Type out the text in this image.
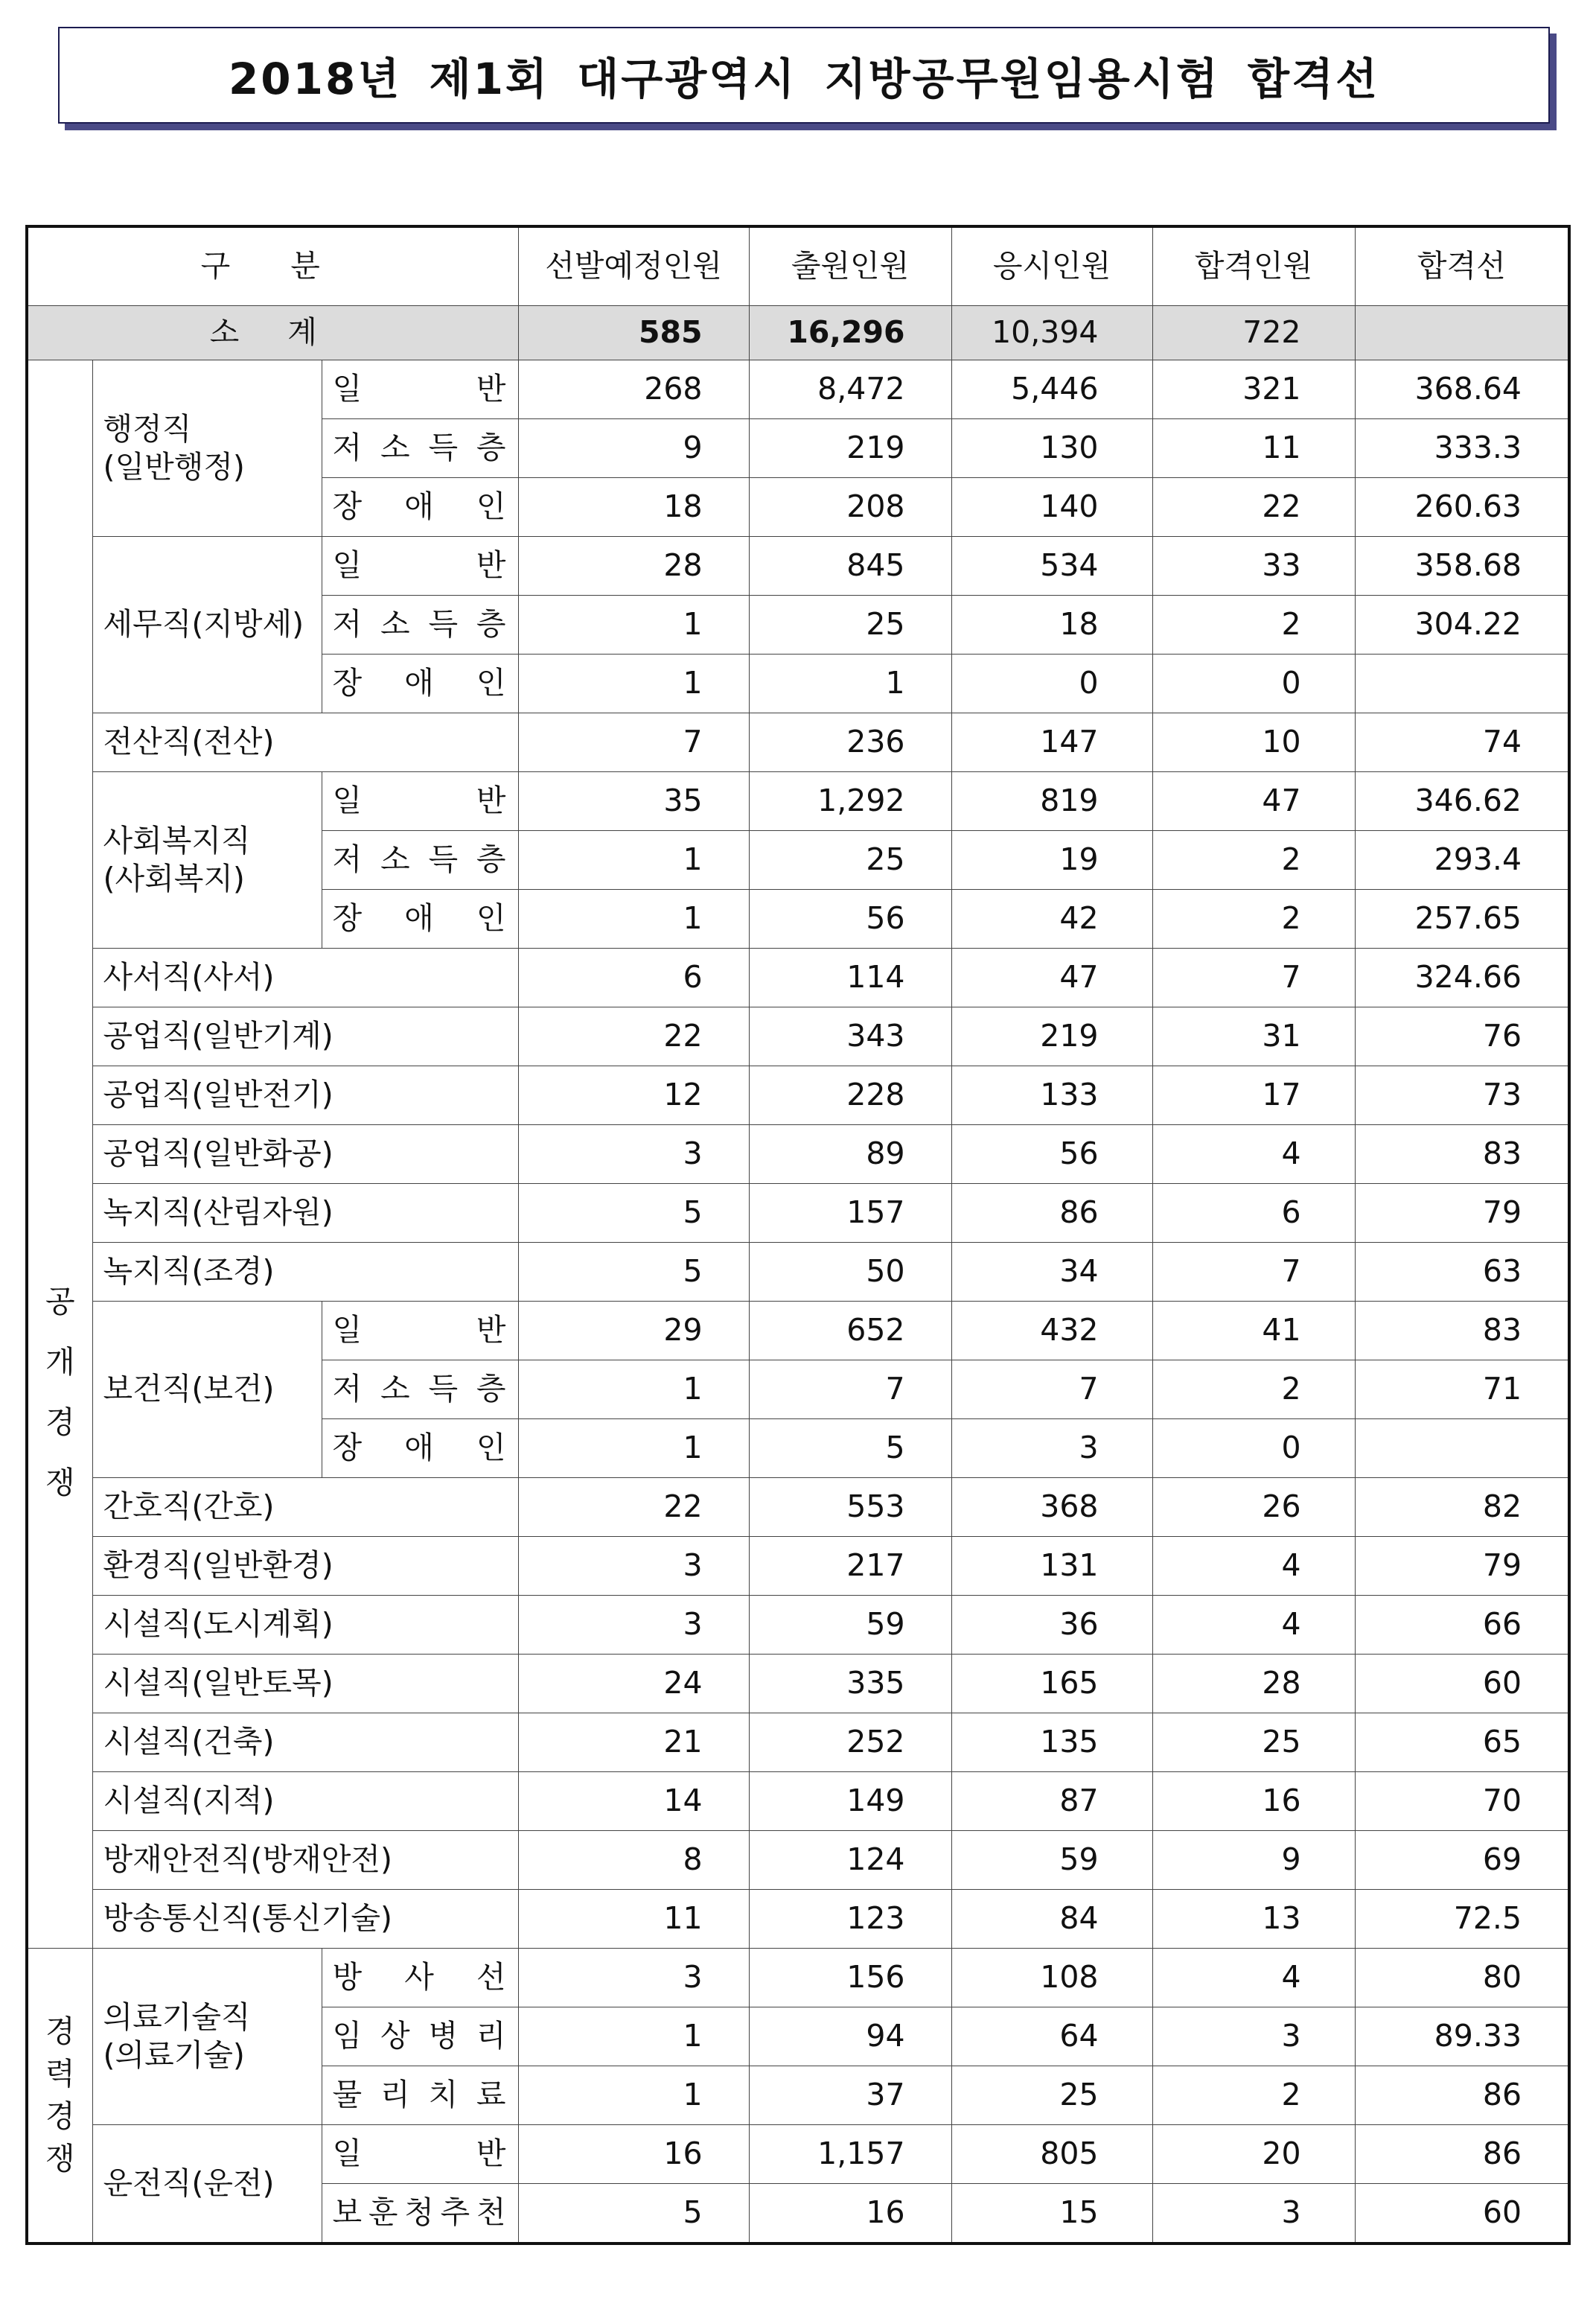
2018년 제1회 대구광역시 지방공무원임용시험 합격선
구 분			선발예정인원	출원인원	응시인원	합격인원	합격선
소 계			585	16,296	10,394	722	

공
개
경
쟁	행정직
(일반행정)	일 반	268	8,472	5,446	321	368.64

		저 소 득 층	9	219	130	11	333.3

		장 애 인	18	208	140	22	260.63
	세무직(지방세)	일 반	28	845	534	33	358.68

		저 소 득 층	1	25	18	2	304.22

		장 애 인	1	1	0	0	
	전산직(전산)		7	236	147	10	74
	사회복지직
(사회복지)	일 반	35	1,292	819	47	346.62

		저 소 득 층	1	25	19	2	293.4

		장 애 인	1	56	42	2	257.65
	사서직(사서)		6	114	47	7	324.66
	공업직(일반기계)		22	343	219	31	76
	공업직(일반전기)		12	228	133	17	73
	공업직(일반화공)		3	89	56	4	83
	녹지직(산림자원)		5	157	86	6	79
	녹지직(조경)		5	50	34	7	63
	보건직(보건)	일 반	29	652	432	41	83

		저 소 득 층	1	7	7	2	71

		장 애 인	1	5	3	0	
	간호직(간호)		22	553	368	26	82
	환경직(일반환경)		3	217	131	4	79
	시설직(도시계획)		3	59	36	4	66
	시설직(일반토목)		24	335	165	28	60
	시설직(건축)		21	252	135	25	65
	시설직(지적)		14	149	87	16	70
	방재안전직(방재안전)		8	124	59	9	69
	방송통신직(통신기술)		11	123	84	13	72.5

경
력
경
쟁	의료기술직
(의료기술)	방 사 선	3	156	108	4	80

		임 상 병 리	1	94	64	3	89.33

		물 리 치 료	1	37	25	2	86
	운전직(운전)	일 반	16	1,157	805	20	86

		보 훈 청 추 천	5	16	15	3	60
